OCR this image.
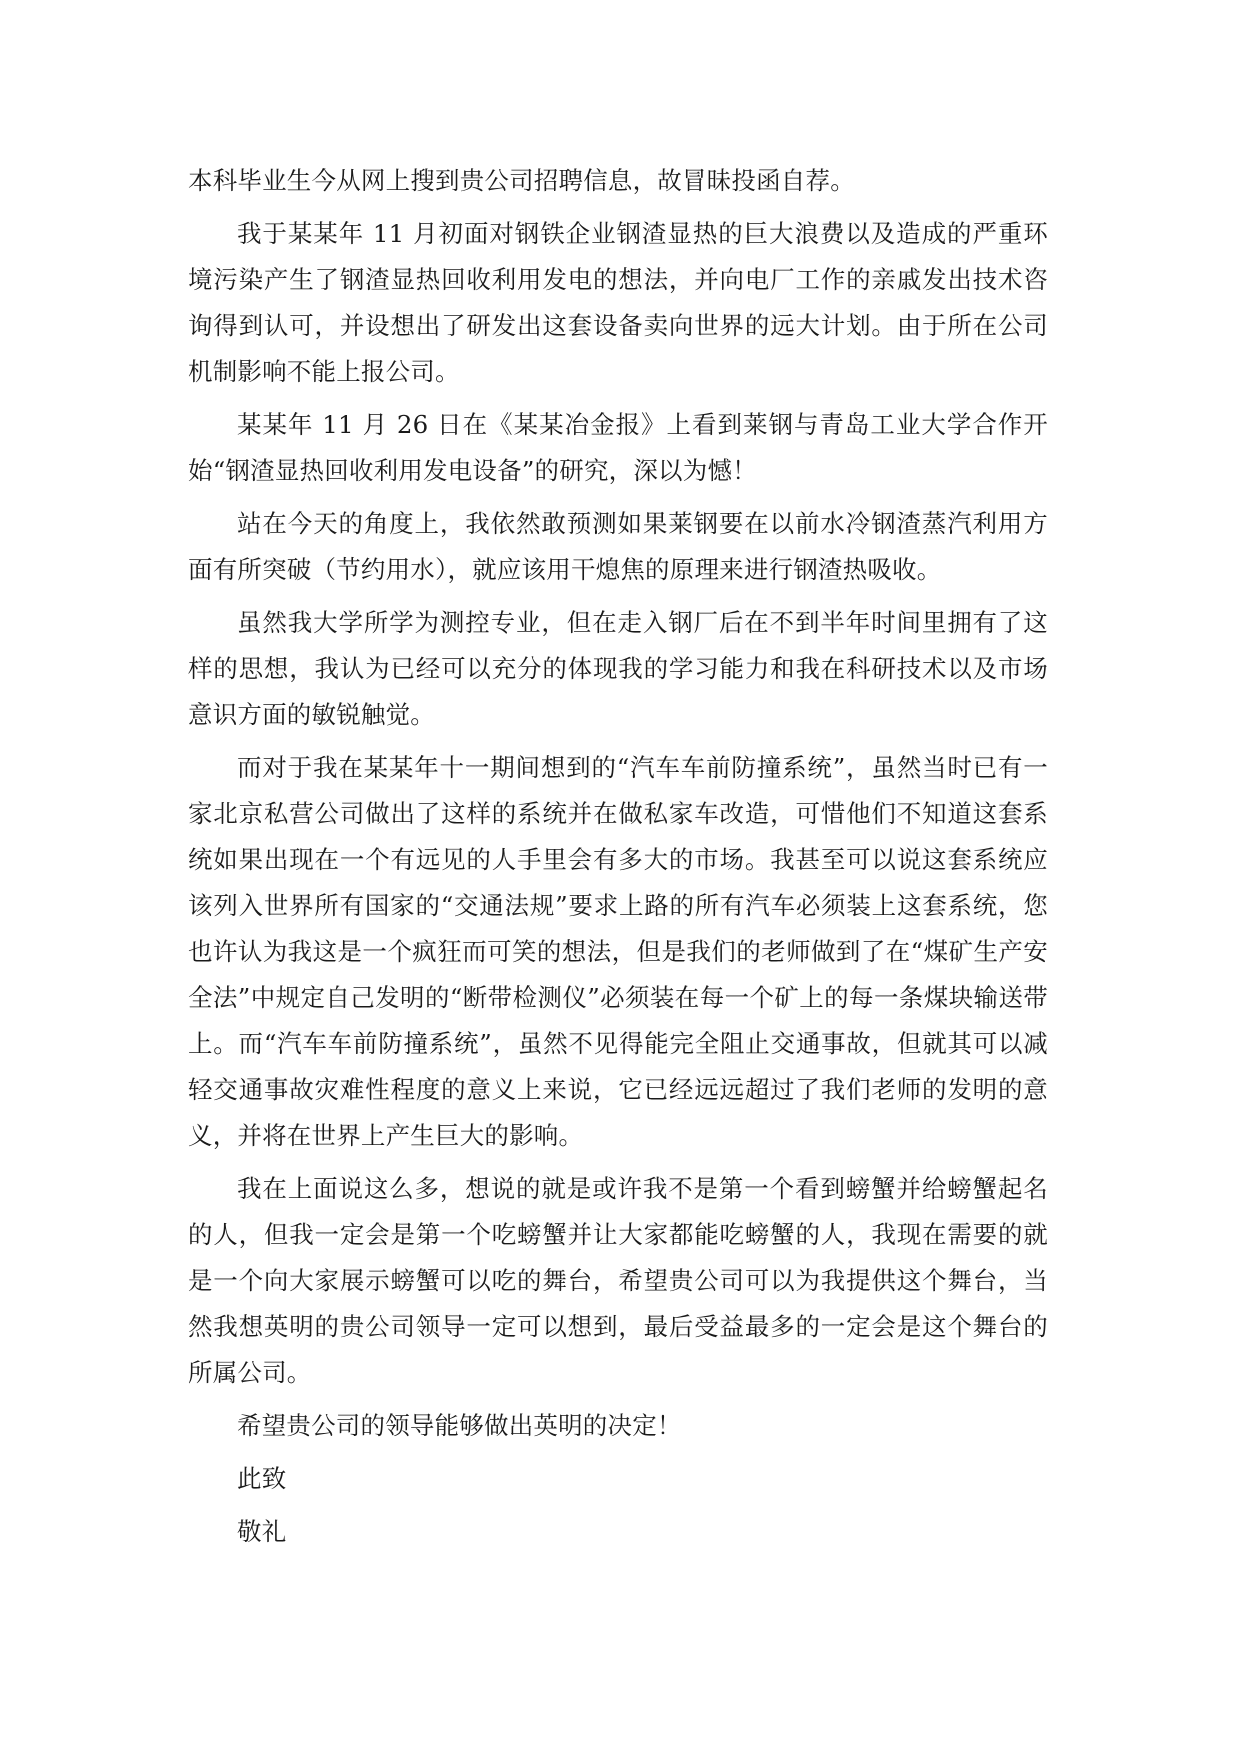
本科毕业生今从网上搜到贵公司招聘信息，故冒昧投函自荐。

我于某某年 11 月初面对钢铁企业钢渣显热的巨大浪费以及造成的严重环境污染产生了钢渣显热回收利用发电的想法，并向电厂工作的亲戚发出技术咨询得到认可，并设想出了研发出这套设备卖向世界的远大计划。由于所在公司机制影响不能上报公司。

某某年 11 月 26 日在《某某冶金报》上看到莱钢与青岛工业大学合作开始“钢渣显热回收利用发电设备”的研究，深以为憾！

站在今天的角度上，我依然敢预测如果莱钢要在以前水冷钢渣蒸汽利用方面有所突破（节约用水），就应该用干熄焦的原理来进行钢渣热吸收。

虽然我大学所学为测控专业，但在走入钢厂后在不到半年时间里拥有了这样的思想，我认为已经可以充分的体现我的学习能力和我在科研技术以及市场意识方面的敏锐触觉。

而对于我在某某年十一期间想到的“汽车车前防撞系统”，虽然当时已有一家北京私营公司做出了这样的系统并在做私家车改造，可惜他们不知道这套系统如果出现在一个有远见的人手里会有多大的市场。我甚至可以说这套系统应该列入世界所有国家的“交通法规”要求上路的所有汽车必须装上这套系统，您也许认为我这是一个疯狂而可笑的想法，但是我们的老师做到了在“煤矿生产安全法”中规定自己发明的“断带检测仪”必须装在每一个矿上的每一条煤块输送带上。而“汽车车前防撞系统”，虽然不见得能完全阻止交通事故，但就其可以减轻交通事故灾难性程度的意义上来说，它已经远远超过了我们老师的发明的意义，并将在世界上产生巨大的影响。

我在上面说这么多，想说的就是或许我不是第一个看到螃蟹并给螃蟹起名的人，但我一定会是第一个吃螃蟹并让大家都能吃螃蟹的人，我现在需要的就是一个向大家展示螃蟹可以吃的舞台，希望贵公司可以为我提供这个舞台，当然我想英明的贵公司领导一定可以想到，最后受益最多的一定会是这个舞台的所属公司。

希望贵公司的领导能够做出英明的决定！

此致

敬礼
